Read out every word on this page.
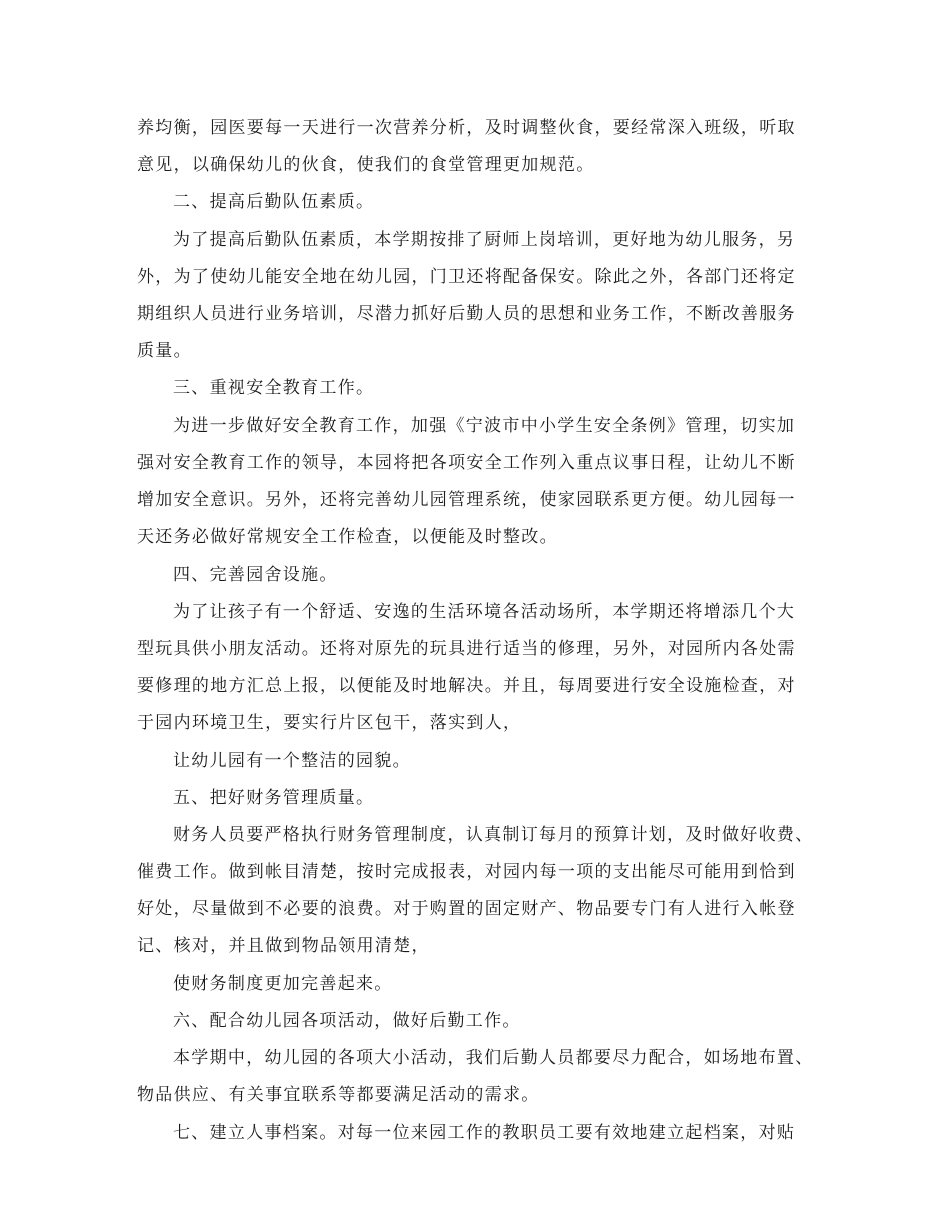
养均衡，园医要每一天进行一次营养分析，及时调整伙食，要经常深入班级，听取
意见，以确保幼儿的伙食，使我们的食堂管理更加规范。
二、提高后勤队伍素质。
为了提高后勤队伍素质，本学期按排了厨师上岗培训，更好地为幼儿服务，另
外，为了使幼儿能安全地在幼儿园，门卫还将配备保安。除此之外，各部门还将定
期组织人员进行业务培训，尽潜力抓好后勤人员的思想和业务工作，不断改善服务
质量。
三、重视安全教育工作。
为进一步做好安全教育工作，加强《宁波市中小学生安全条例》管理，切实加
强对安全教育工作的领导，本园将把各项安全工作列入重点议事日程，让幼儿不断
增加安全意识。另外，还将完善幼儿园管理系统，使家园联系更方便。幼儿园每一
天还务必做好常规安全工作检查，以便能及时整改。
四、完善园舍设施。
为了让孩子有一个舒适、安逸的生活环境各活动场所，本学期还将增添几个大
型玩具供小朋友活动。还将对原先的玩具进行适当的修理，另外，对园所内各处需
要修理的地方汇总上报，以便能及时地解决。并且，每周要进行安全设施检查，对
于园内环境卫生，要实行片区包干，落实到人，
让幼儿园有一个整洁的园貌。
五、把好财务管理质量。
财务人员要严格执行财务管理制度，认真制订每月的预算计划，及时做好收费、
催费工作。做到帐目清楚，按时完成报表，对园内每一项的支出能尽可能用到恰到
好处，尽量做到不必要的浪费。对于购置的固定财产、物品要专门有人进行入帐登
记、核对，并且做到物品领用清楚，
使财务制度更加完善起来。
六、配合幼儿园各项活动，做好后勤工作。
本学期中，幼儿园的各项大小活动，我们后勤人员都要尽力配合，如场地布置、
物品供应、有关事宜联系等都要满足活动的需求。
七、建立人事档案。对每一位来园工作的教职员工要有效地建立起档案，对贴
